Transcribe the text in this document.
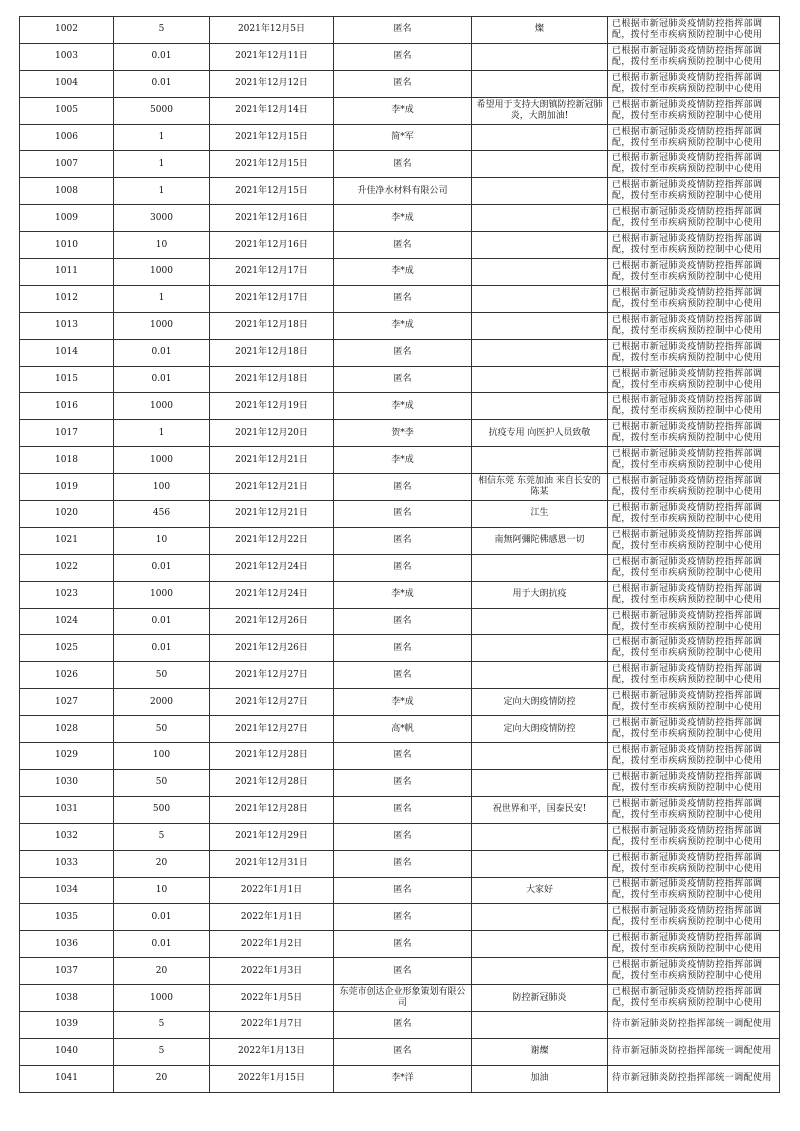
1002	5	2021年12月5日	匿名	燦	已根据市新冠肺炎疫情防控指挥部调配，拨付至市疾病预防控制中心使用
1003	0.01	2021年12月11日	匿名		已根据市新冠肺炎疫情防控指挥部调配，拨付至市疾病预防控制中心使用
1004	0.01	2021年12月12日	匿名		已根据市新冠肺炎疫情防控指挥部调配，拨付至市疾病预防控制中心使用
1005	5000	2021年12月14日	李*成	希望用于支持大朗镇防控新冠肺炎，大朗加油!	已根据市新冠肺炎疫情防控指挥部调配，拨付至市疾病预防控制中心使用
1006	1	2021年12月15日	简*军		已根据市新冠肺炎疫情防控指挥部调配，拨付至市疾病预防控制中心使用
1007	1	2021年12月15日	匿名		已根据市新冠肺炎疫情防控指挥部调配，拨付至市疾病预防控制中心使用
1008	1	2021年12月15日	升佳净水材料有限公司		已根据市新冠肺炎疫情防控指挥部调配，拨付至市疾病预防控制中心使用
1009	3000	2021年12月16日	李*成		已根据市新冠肺炎疫情防控指挥部调配，拨付至市疾病预防控制中心使用
1010	10	2021年12月16日	匿名		已根据市新冠肺炎疫情防控指挥部调配，拨付至市疾病预防控制中心使用
1011	1000	2021年12月17日	李*成		已根据市新冠肺炎疫情防控指挥部调配，拨付至市疾病预防控制中心使用
1012	1	2021年12月17日	匿名		已根据市新冠肺炎疫情防控指挥部调配，拨付至市疾病预防控制中心使用
1013	1000	2021年12月18日	李*成		已根据市新冠肺炎疫情防控指挥部调配，拨付至市疾病预防控制中心使用
1014	0.01	2021年12月18日	匿名		已根据市新冠肺炎疫情防控指挥部调配，拨付至市疾病预防控制中心使用
1015	0.01	2021年12月18日	匿名		已根据市新冠肺炎疫情防控指挥部调配，拨付至市疾病预防控制中心使用
1016	1000	2021年12月19日	李*成		已根据市新冠肺炎疫情防控指挥部调配，拨付至市疾病预防控制中心使用
1017	1	2021年12月20日	贺*李	抗疫专用 向医护人员致敬	已根据市新冠肺炎疫情防控指挥部调配，拨付至市疾病预防控制中心使用
1018	1000	2021年12月21日	李*成		已根据市新冠肺炎疫情防控指挥部调配，拨付至市疾病预防控制中心使用
1019	100	2021年12月21日	匿名	相信东莞 东莞加油 来自长安的陈某	已根据市新冠肺炎疫情防控指挥部调配，拨付至市疾病预防控制中心使用
1020	456	2021年12月21日	匿名	江生	已根据市新冠肺炎疫情防控指挥部调配，拨付至市疾病预防控制中心使用
1021	10	2021年12月22日	匿名	南無阿彌陀佛感恩一切	已根据市新冠肺炎疫情防控指挥部调配，拨付至市疾病预防控制中心使用
1022	0.01	2021年12月24日	匿名		已根据市新冠肺炎疫情防控指挥部调配，拨付至市疾病预防控制中心使用
1023	1000	2021年12月24日	李*成	用于大朗抗疫	已根据市新冠肺炎疫情防控指挥部调配，拨付至市疾病预防控制中心使用
1024	0.01	2021年12月26日	匿名		已根据市新冠肺炎疫情防控指挥部调配，拨付至市疾病预防控制中心使用
1025	0.01	2021年12月26日	匿名		已根据市新冠肺炎疫情防控指挥部调配，拨付至市疾病预防控制中心使用
1026	50	2021年12月27日	匿名		已根据市新冠肺炎疫情防控指挥部调配，拨付至市疾病预防控制中心使用
1027	2000	2021年12月27日	李*成	定向大朗疫情防控	已根据市新冠肺炎疫情防控指挥部调配，拨付至市疾病预防控制中心使用
1028	50	2021年12月27日	高*帆	定向大朗疫情防控	已根据市新冠肺炎疫情防控指挥部调配，拨付至市疾病预防控制中心使用
1029	100	2021年12月28日	匿名		已根据市新冠肺炎疫情防控指挥部调配，拨付至市疾病预防控制中心使用
1030	50	2021年12月28日	匿名		已根据市新冠肺炎疫情防控指挥部调配，拨付至市疾病预防控制中心使用
1031	500	2021年12月28日	匿名	祝世界和平，国泰民安!	已根据市新冠肺炎疫情防控指挥部调配，拨付至市疾病预防控制中心使用
1032	5	2021年12月29日	匿名		已根据市新冠肺炎疫情防控指挥部调配，拨付至市疾病预防控制中心使用
1033	20	2021年12月31日	匿名		已根据市新冠肺炎疫情防控指挥部调配，拨付至市疾病预防控制中心使用
1034	10	2022年1月1日	匿名	大家好	已根据市新冠肺炎疫情防控指挥部调配，拨付至市疾病预防控制中心使用
1035	0.01	2022年1月1日	匿名		已根据市新冠肺炎疫情防控指挥部调配，拨付至市疾病预防控制中心使用
1036	0.01	2022年1月2日	匿名		已根据市新冠肺炎疫情防控指挥部调配，拨付至市疾病预防控制中心使用
1037	20	2022年1月3日	匿名		已根据市新冠肺炎疫情防控指挥部调配，拨付至市疾病预防控制中心使用
1038	1000	2022年1月5日	东莞市创达企业形象策划有限公司	防控新冠肺炎	已根据市新冠肺炎疫情防控指挥部调配，拨付至市疾病预防控制中心使用
1039	5	2022年1月7日	匿名		待市新冠肺炎防控指挥部统一调配使用
1040	5	2022年1月13日	匿名	谢燦	待市新冠肺炎防控指挥部统一调配使用
1041	20	2022年1月15日	李*洋	加油	待市新冠肺炎防控指挥部统一调配使用
